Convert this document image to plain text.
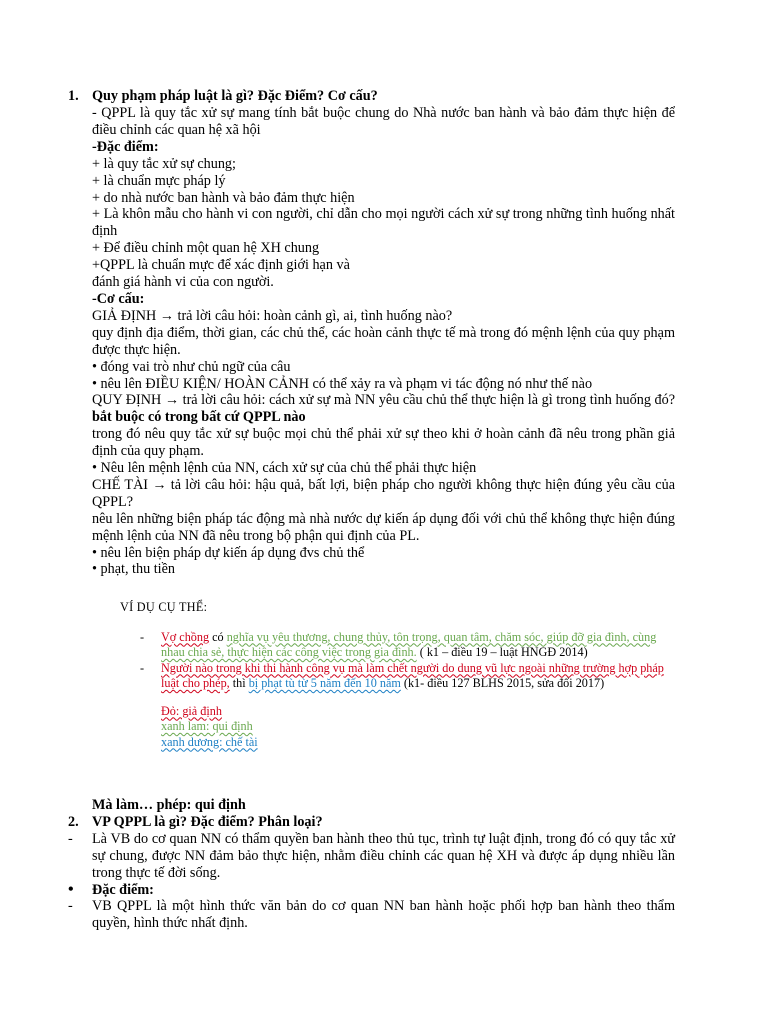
1. Quy phạm pháp luật là gì? Đặc Điểm? Cơ cấu?

- QPPL là quy tắc xử sự mang tính bắt buộc chung do Nhà nước ban hành và bảo đảm thực hiện để điều chỉnh các quan hệ xã hội

-Đặc điểm:

+ là quy tắc xử sự chung;

+ là chuẩn mực pháp lý

+ do nhà nước ban hành và bảo đảm thực hiện

+ Là khôn mẫu cho hành vi con người, chỉ dẫn cho mọi người cách xử sự trong những tình huống nhất định

+ Để điều chỉnh một quan hệ XH chung

+QPPL là chuẩn mực để xác định giới hạn và

đánh giá hành vi của con người.

-Cơ cấu:

GIẢ ĐỊNH → trả lời câu hỏi: hoàn cảnh gì, ai, tình huống nào?

quy định địa điểm, thời gian, các chủ thể, các hoàn cảnh thực tế mà trong đó mệnh lệnh của quy phạm được thực hiện.

• đóng vai trò như chủ ngữ của câu

• nêu lên ĐIỀU KIỆN/ HOÀN CẢNH có thể xảy ra và phạm vi tác động nó như thế nào

QUY ĐỊNH → trả lời câu hỏi: cách xử sự mà NN yêu cầu chủ thể thực hiện là gì trong tình huống đó?

bắt buộc có trong bất cứ QPPL nào

trong đó nêu quy tắc xử sự buộc mọi chủ thể phải xử sự theo khi ở hoàn cảnh đã nêu trong phần giả định của quy phạm.

• Nêu lên mệnh lệnh của NN, cách xử sự của chủ thể phải thực hiện

CHẾ TÀI → tả lời câu hỏi: hậu quả, bất lợi, biện pháp cho người không thực hiện đúng yêu cầu của QPPL?

nêu lên những biện pháp tác động mà nhà nước dự kiến áp dụng đối với chủ thể không thực hiện đúng mệnh lệnh của NN đã nêu trong bộ phận qui định của PL.

• nêu lên biện pháp dự kiến áp dụng đvs chủ thể

• phạt, thu tiền

VÍ DỤ CỤ THỂ:

- Vợ chồng có nghĩa vụ yêu thương, chung thủy, tôn trọng, quan tâm, chăm sóc, giúp đỡ gia đình, cùng nhau chia sẻ, thực hiện các công việc trong gia đình. ( k1 – điều 19 – luật HNGĐ 2014)

- Người nào trong khi thi hành công vụ mà làm chết người do dung vũ lực ngoài những trường hợp pháp luật cho phép, thì bị phạt tù từ 5 năm đến 10 năm (k1- điều 127 BLHS 2015, sửa đổi 2017)

Đỏ: giả định
xanh lam: qui định
xanh dương: chế tài

Mà làm… phép: qui định

2. VP QPPL là gì? Đặc điểm? Phân loại?

- Là VB do cơ quan NN có thẩm quyền ban hành theo thủ tục, trình tự luật định, trong đó có quy tắc xử sự chung, được NN đảm bảo thực hiện, nhằm điều chỉnh các quan hệ XH và được áp dụng nhiều lần trong thực tế đời sống.

• Đặc điểm:

- VB QPPL là một hình thức văn bản do cơ quan NN ban hành hoặc phối hợp ban hành theo thẩm quyền, hình thức nhất định.
